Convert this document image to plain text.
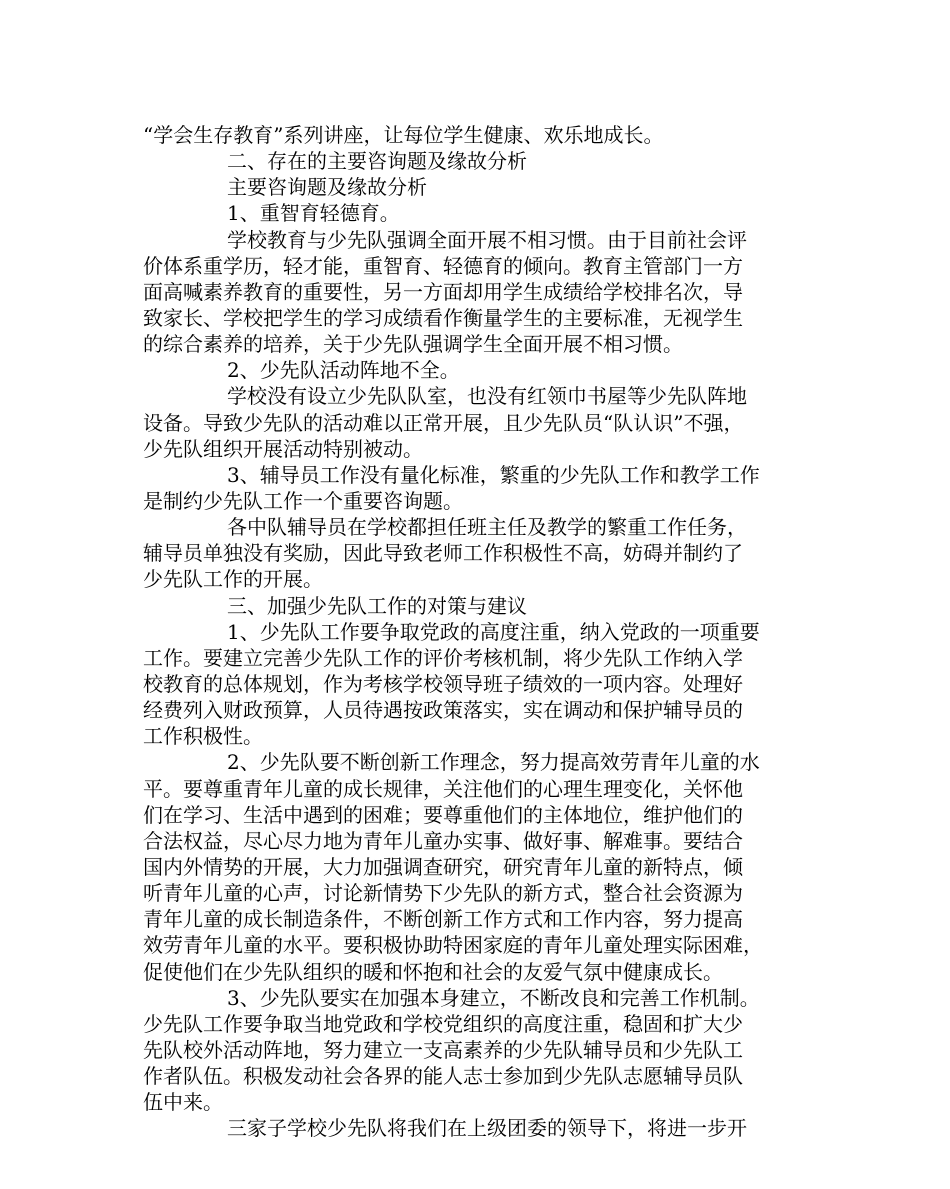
“学会生存教育”系列讲座，让每位学生健康、欢乐地成长。
二、存在的主要咨询题及缘故分析
主要咨询题及缘故分析
1、重智育轻德育。
学校教育与少先队强调全面开展不相习惯。由于目前社会评
价体系重学历，轻才能，重智育、轻德育的倾向。教育主管部门一方
面高喊素养教育的重要性，另一方面却用学生成绩给学校排名次，导
致家长、学校把学生的学习成绩看作衡量学生的主要标准，无视学生
的综合素养的培养，关于少先队强调学生全面开展不相习惯。
2、少先队活动阵地不全。
学校没有设立少先队队室，也没有红领巾书屋等少先队阵地
设备。导致少先队的活动难以正常开展，且少先队员“队认识”不强，
少先队组织开展活动特别被动。
3、辅导员工作没有量化标准，繁重的少先队工作和教学工作
是制约少先队工作一个重要咨询题。
各中队辅导员在学校都担任班主任及教学的繁重工作任务，
辅导员单独没有奖励，因此导致老师工作积极性不高，妨碍并制约了
少先队工作的开展。
三、加强少先队工作的对策与建议
1、少先队工作要争取党政的高度注重，纳入党政的一项重要
工作。要建立完善少先队工作的评价考核机制，将少先队工作纳入学
校教育的总体规划，作为考核学校领导班子绩效的一项内容。处理好
经费列入财政预算，人员待遇按政策落实，实在调动和保护辅导员的
工作积极性。
2、少先队要不断创新工作理念，努力提高效劳青年儿童的水
平。要尊重青年儿童的成长规律，关注他们的心理生理变化，关怀他
们在学习、生活中遇到的困难；要尊重他们的主体地位，维护他们的
合法权益，尽心尽力地为青年儿童办实事、做好事、解难事。要结合
国内外情势的开展，大力加强调查研究，研究青年儿童的新特点，倾
听青年儿童的心声，讨论新情势下少先队的新方式，整合社会资源为
青年儿童的成长制造条件，不断创新工作方式和工作内容，努力提高
效劳青年儿童的水平。要积极协助特困家庭的青年儿童处理实际困难，
促使他们在少先队组织的暖和怀抱和社会的友爱气氛中健康成长。
3、少先队要实在加强本身建立，不断改良和完善工作机制。
少先队工作要争取当地党政和学校党组织的高度注重，稳固和扩大少
先队校外活动阵地，努力建立一支高素养的少先队辅导员和少先队工
作者队伍。积极发动社会各界的能人志士参加到少先队志愿辅导员队
伍中来。
三家子学校少先队将我们在上级团委的领导下，将进一步开
